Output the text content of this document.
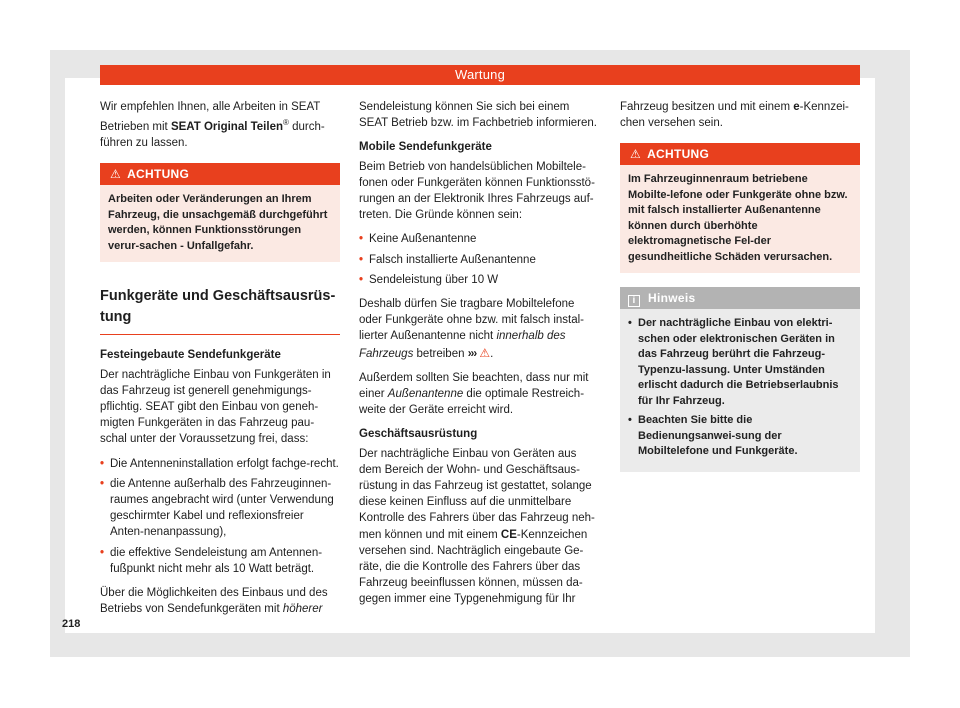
Wartung

Wir empfehlen Ihnen, alle Arbeiten in SEAT Betrieben mit SEAT Original Teilen® durch-führen zu lassen.

⚠ ACHTUNG
Arbeiten oder Veränderungen an Ihrem Fahrzeug, die unsachgemäß durchgeführt werden, können Funktionsstörungen verur-sachen - Unfallgefahr.
Funkgeräte und Geschäftsausrüs-tung

Festeingebaute Sendefunkgeräte

Der nachträgliche Einbau von Funkgeräten in das Fahrzeug ist generell genehmigungs-pflichtig. SEAT gibt den Einbau von geneh-migten Funkgeräten in das Fahrzeug pau-schal unter der Voraussetzung frei, dass:

• Die Antenneninstallation erfolgt fachge-recht.
• die Antenne außerhalb des Fahrzeuginnen-raumes angebracht wird (unter Verwendung geschirmter Kabel und reflexionsfreier Anten-nenanpassung),
• die effektive Sendeleistung am Antennen-fußpunkt nicht mehr als 10 Watt beträgt.

Über die Möglichkeiten des Einbaus und des Betriebs von Sendefunkgeräten mit höherer

Sendeleistung können Sie sich bei einem SEAT Betrieb bzw. im Fachbetrieb informieren.

Mobile Sendefunkgeräte

Beim Betrieb von handelsüblichen Mobiltele-fonen oder Funkgeräten können Funktionsstö-rungen an der Elektronik Ihres Fahrzeugs auf-treten. Die Gründe können sein:

• Keine Außenantenne
• Falsch installierte Außenantenne
• Sendeleistung über 10 W

Deshalb dürfen Sie tragbare Mobiltelefone oder Funkgeräte ohne bzw. mit falsch instal-lierter Außenantenne nicht innerhalb des Fahrzeugs betreiben ››› ⚠.

Außerdem sollten Sie beachten, dass nur mit einer Außenantenne die optimale Restreich-weite der Geräte erreicht wird.

Geschäftsausrüstung

Der nachträgliche Einbau von Geräten aus dem Bereich der Wohn- und Geschäftsaus-rüstung in das Fahrzeug ist gestattet, solange diese keinen Einfluss auf die unmittelbare Kontrolle des Fahrers über das Fahrzeug neh-men können und mit einem CE-Kennzeichen versehen sind. Nachträglich eingebaute Ge-räte, die die Kontrolle des Fahrers über das Fahrzeug beeinflussen können, müssen da-gegen immer eine Typgenehmigung für Ihr

Fahrzeug besitzen und mit einem e-Kennzei-chen versehen sein.

⚠ ACHTUNG
Im Fahrzeuginnenraum betriebene Mobilte-lefone oder Funkgeräte ohne bzw. mit falsch installierter Außenantenne können durch überhöhte elektromagnetische Fel-der gesundheitliche Schäden verursachen.
i Hinweis
• Der nachträgliche Einbau von elektri-schen oder elektronischen Geräten in das Fahrzeug berührt die Fahrzeug-Typenzu-lassung. Unter Umständen erlischt dadurch die Betriebserlaubnis für Ihr Fahrzeug.
• Beachten Sie bitte die Bedienungsanwei-sung der Mobiltelefone und Funkgeräte.
218
